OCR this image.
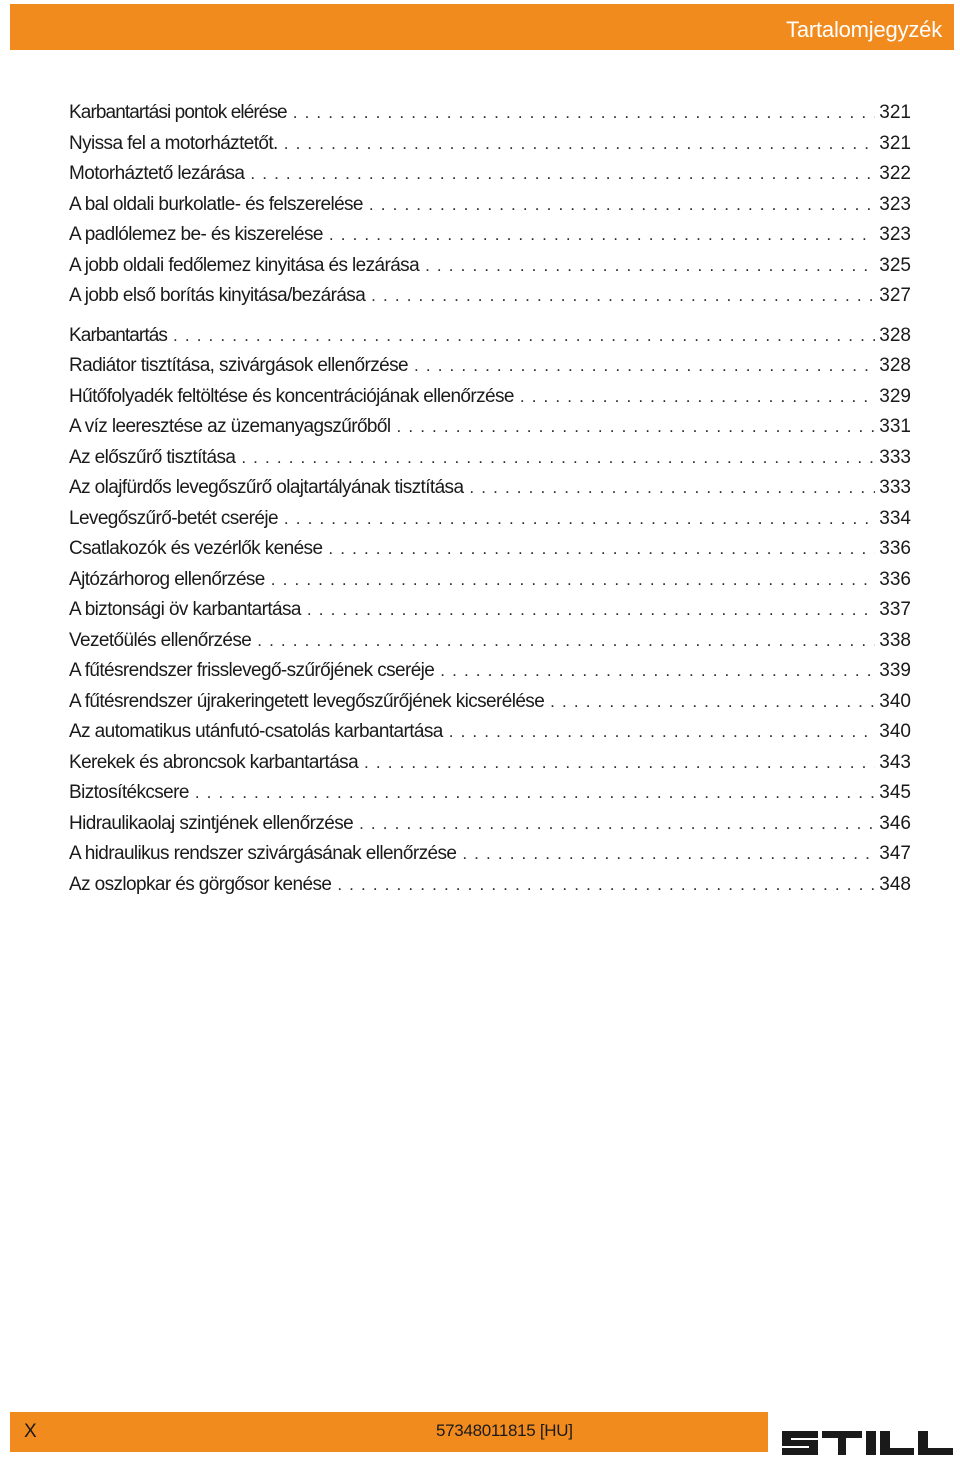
Tartalomjegyzék
Karbantartási pontok elérése . . .	321
Nyissa fel a motorháztetőt. . . .	321
Motorháztető lezárása . . .	322
A bal oldali burkolatle- és felszerelése . . .	323
A padlólemez be- és kiszerelése . . .	323
A jobb oldali fedőlemez kinyitása és lezárása . . .	325
A jobb első borítás kinyitása/bezárása . . .	327
Karbantartás . . .	328
Radiátor tisztítása, szivárgások ellenőrzése . . .	328
Hűtőfolyadék feltöltése és koncentrációjának ellenőrzése . . .	329
A víz leeresztése az üzemanyagszűrőből . . .	331
Az előszűrő tisztítása . . .	333
Az olajfürdős levegőszűrő olajtartályának tisztítása . . .	333
Levegőszűrő-betét cseréje . . .	334
Csatlakozók és vezérlők kenése . . .	336
Ajtózárhorog ellenőrzése . . .	336
A biztonsági öv karbantartása . . .	337
Vezetőülés ellenőrzése . . .	338
A fűtésrendszer frisslevegő-szűrőjének cseréje . . .	339
A fűtésrendszer újrakeringetett levegőszűrőjének kicserélése . . .	340
Az automatikus utánfutó-csatolás karbantartása . . .	340
Kerekek és abroncsok karbantartása . . .	343
Biztosítékcsere . . .	345
Hidraulikaolaj szintjének ellenőrzése . . .	346
A hidraulikus rendszer szivárgásának ellenőrzése . . .	347
Az oszlopkar és görgősor kenése . . .	348
X	57348011815 [HU]
